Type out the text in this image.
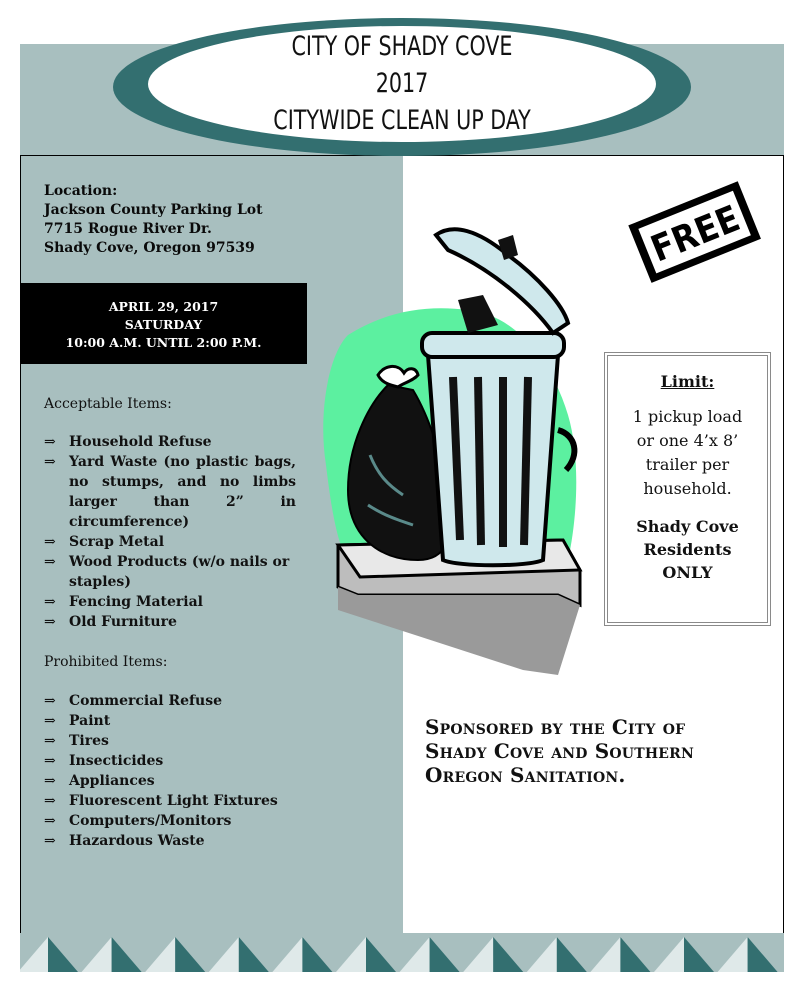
CITY OF SHADY COVE
2017
CITYWIDE CLEAN UP DAY
Location:
Jackson County Parking Lot
7715 Rogue River Dr.
Shady Cove, Oregon 97539
APRIL 29, 2017
SATURDAY
10:00 A.M. UNTIL 2:00 P.M.
Acceptable Items:
⇒ Household Refuse
⇒ Yard Waste (no plastic bags, no stumps, and no limbs larger than 2” in circumference)
⇒ Scrap Metal
⇒ Wood Products (w/o nails or staples)
⇒ Fencing Material
⇒ Old Furniture
Prohibited Items:
⇒ Commercial Refuse
⇒ Paint
⇒ Tires
⇒ Insecticides
⇒ Appliances
⇒ Fluorescent Light Fixtures
⇒ Computers/Monitors
⇒ Hazardous Waste
FREE
Limit:
1 pickup load
or one 4’x 8’
trailer per
household.
Shady Cove
Residents
ONLY
Sponsored by the City of
Shady Cove and Southern
Oregon Sanitation.
